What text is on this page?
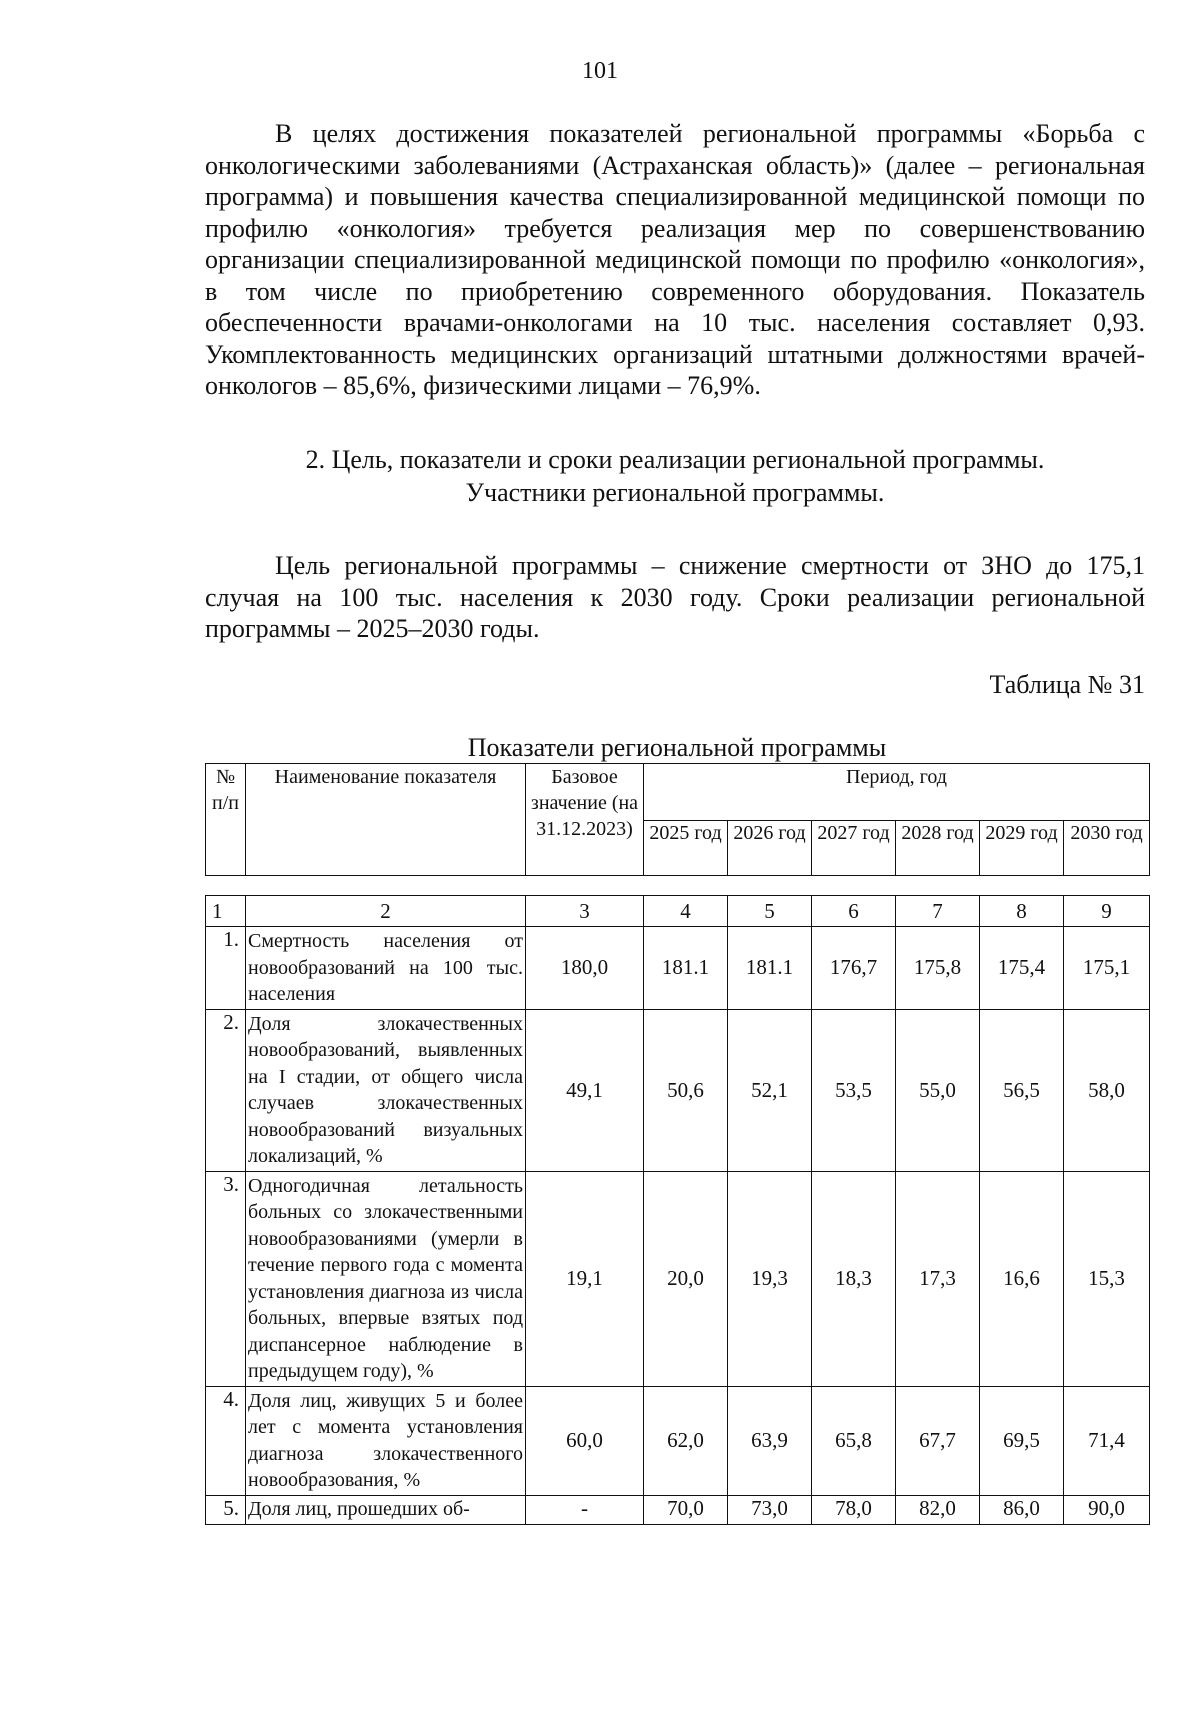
101

В целях достижения показателей региональной программы «Борьба с онкологическими заболеваниями (Астраханская область)» (далее – региональная программа) и повышения качества специализированной медицинской помощи по профилю «онкология» требуется реализация мер по совершенствованию организации специализированной медицинской помощи по профилю «онкология», в том числе по приобретению современного оборудования. Показатель обеспеченности врачами-онкологами на 10 тыс. населения составляет 0,93. Укомплектованность медицинских организаций штатными должностями врачей-онкологов – 85,6%, физическими лицами – 76,9%.

2. Цель, показатели и сроки реализации региональной программы.
Участники региональной программы.

Цель региональной программы – снижение смертности от ЗНО до 175,1 случая на 100 тыс. населения к 2030 году. Сроки реализации региональной программы – 2025–2030 годы.

Таблица № 31
Показатели региональной программы
№ п/п	Наименование показателя	Базовое значение (на 31.12.2023)	Период, год					
			2025 год	2026 год	2027 год	2028 год	2029 год	2030 год
1	2	3	4	5	6	7	8	9
1.	Смертность населения от новообразований на 100 тыс. населения	180,0	181.1	181.1	176,7	175,8	175,4	175,1
2.	Доля злокачественных новообразований, выявленных на I стадии, от общего числа случаев злокачественных новообразований визуальных локализаций, %	49,1	50,6	52,1	53,5	55,0	56,5	58,0
3.	Одногодичная летальность больных со злокачественными новообразованиями (умерли в течение первого года с момента установления диагноза из числа больных, впервые взятых под диспансерное наблюдение в предыдущем году), %	19,1	20,0	19,3	18,3	17,3	16,6	15,3
4.	Доля лиц, живущих 5 и более лет с момента установления диагноза злокачественного новообразования, %	60,0	62,0	63,9	65,8	67,7	69,5	71,4
5.	Доля лиц, прошедших об-	-	70,0	73,0	78,0	82,0	86,0	90,0
